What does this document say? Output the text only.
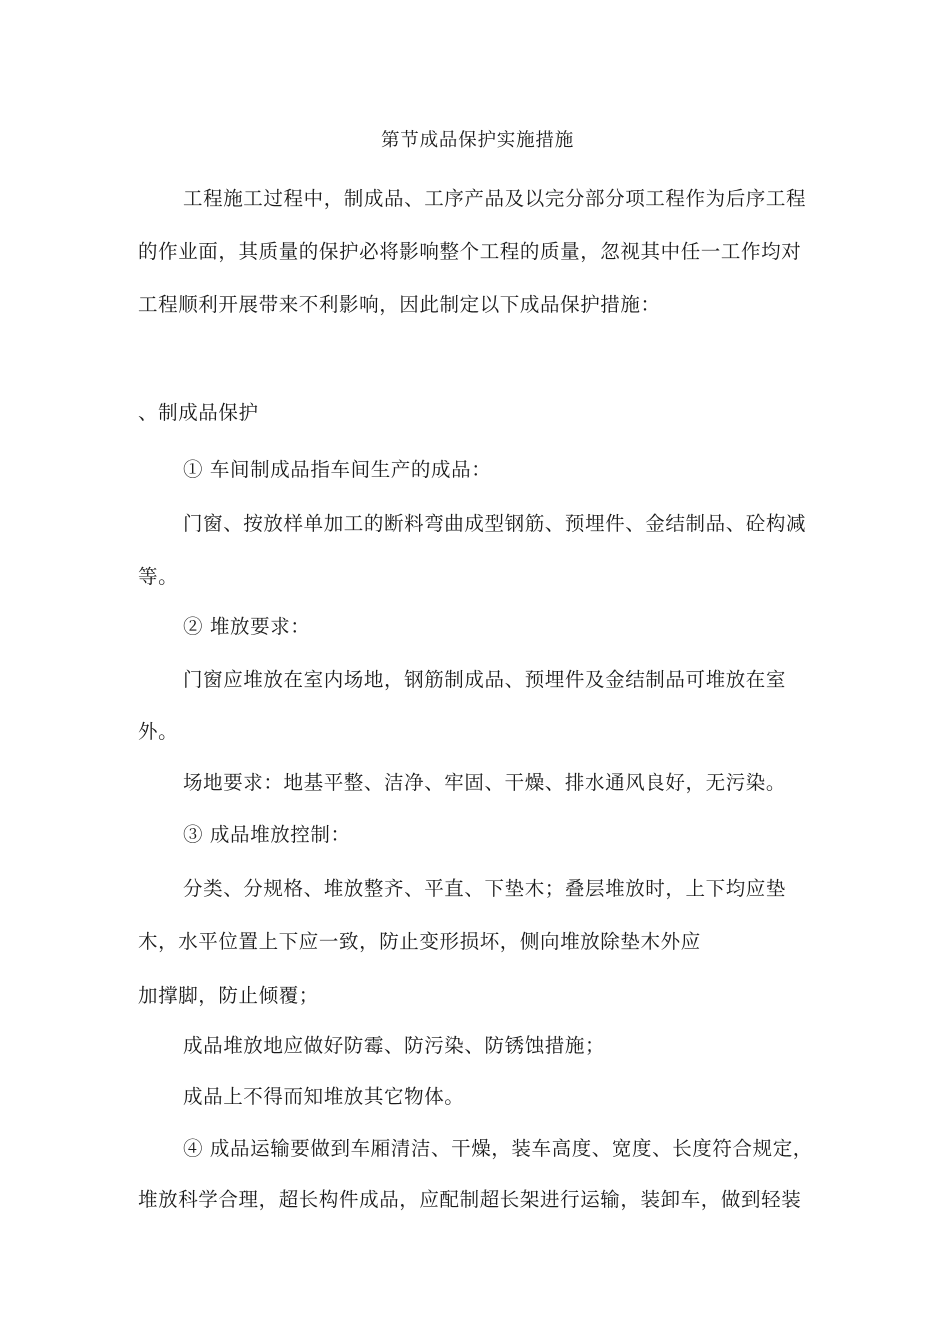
第节成品保护实施措施
工程施工过程中，制成品、工序产品及以完分部分项工程作为后序工程
的作业面，其质量的保护必将影响整个工程的质量，忽视其中任一工作均对
工程顺利开展带来不利影响，因此制定以下成品保护措施：
、制成品保护
① 车间制成品指车间生产的成品：
门窗、按放样单加工的断料弯曲成型钢筋、预埋件、金结制品、砼构减
等。
② 堆放要求：
门窗应堆放在室内场地，钢筋制成品、预埋件及金结制品可堆放在室
外。
场地要求：地基平整、洁净、牢固、干燥、排水通风良好，无污染。
③ 成品堆放控制：
分类、分规格、堆放整齐、平直、下垫木；叠层堆放时，上下均应垫
木，水平位置上下应一致，防止变形损坏，侧向堆放除垫木外应
加撑脚，防止倾覆；
成品堆放地应做好防霉、防污染、防锈蚀措施；
成品上不得而知堆放其它物体。
④ 成品运输要做到车厢清洁、干燥，装车高度、宽度、长度符合规定，
堆放科学合理，超长构件成品，应配制超长架进行运输，装卸车，做到轻装
